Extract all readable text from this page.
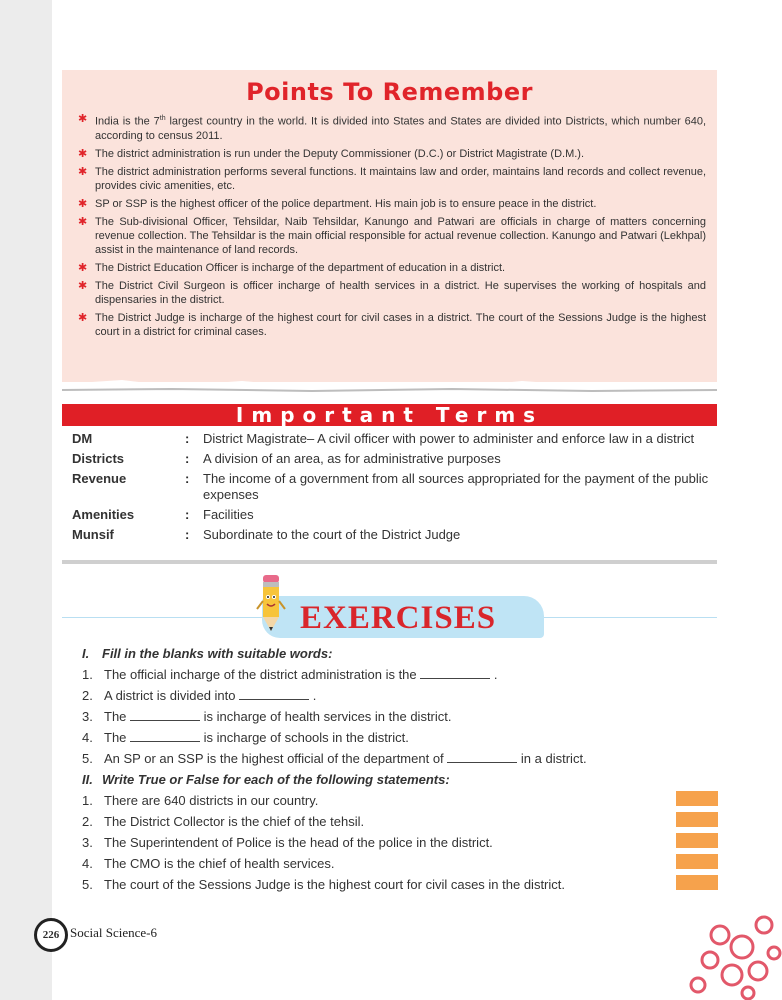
Points To Remember
✱ India is the 7th largest country in the world. It is divided into States and States are divided into Districts, which number 640, according to census 2011.
✱ The district administration is run under the Deputy Commissioner (D.C.) or District Magistrate (D.M.).
✱ The district administration performs several functions. It maintains law and order, maintains land records and collect revenue, provides civic amenities, etc.
✱ SP or SSP is the highest officer of the police department. His main job is to ensure peace in the district.
✱ The Sub-divisional Officer, Tehsildar, Naib Tehsildar, Kanungo and Patwari are officials in charge of matters concerning revenue collection. The Tehsildar is the main official responsible for actual revenue collection. Kanungo and Patwari (Lekhpal) assist in the maintenance of land records.
✱ The District Education Officer is incharge of the department of education in a district.
✱ The District Civil Surgeon is officer incharge of health services in a district. He supervises the working of hospitals and dispensaries in the district.
✱ The District Judge is incharge of the highest court for civil cases in a district. The court of the Sessions Judge is the highest court in a district for criminal cases.
Important Terms
DM	:	District Magistrate– A civil officer with power to administer and enforce law in a district
Districts	:	A division of an area, as for administrative purposes
Revenue	:	The income of a government from all sources appropriated for the payment of the public expenses
Amenities	:	Facilities
Munsif	:	Subordinate to the court of the District Judge
EXERCISES
I. Fill in the blanks with suitable words:
1. The official incharge of the district administration is the	.
2. A district is divided into	.
3. The	is incharge of health services in the district.
4. The	is incharge of schools in the district.
5. An SP or an SSP is the highest official of the department of	in a district.
II. Write True or False for each of the following statements:
1. There are 640 districts in our country.
2. The District Collector is the chief of the tehsil.
3. The Superintendent of Police is the head of the police in the district.
4. The CMO is the chief of health services.
5. The court of the Sessions Judge is the highest court for civil cases in the district.
226 Social Science-6
